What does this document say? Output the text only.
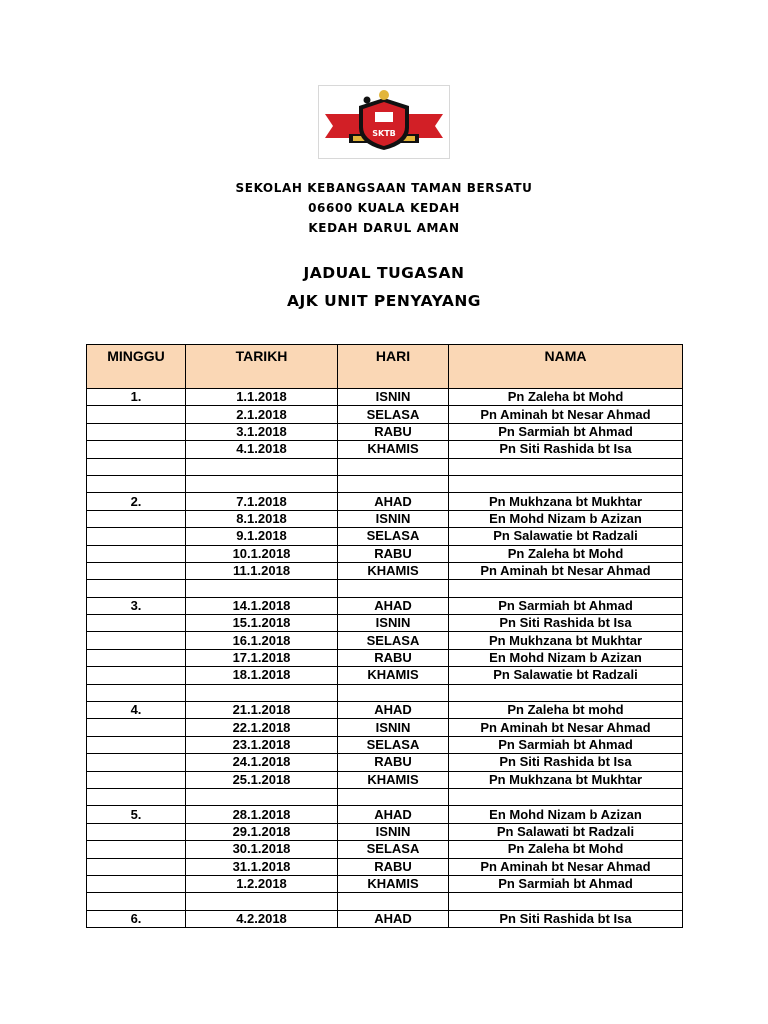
SKTB
SEKOLAH KEBANGSAAN TAMAN BERSATU
06600 KUALA KEDAH
KEDAH DARUL AMAN
JADUAL TUGASAN
AJK UNIT PENYAYANG
MINGGU	TARIKH	HARI	NAMA
1.	1.1.2018	ISNIN	Pn Zaleha bt Mohd
	2.1.2018	SELASA	Pn Aminah bt Nesar Ahmad
	3.1.2018	RABU	Pn Sarmiah bt Ahmad
	4.1.2018	KHAMIS	Pn Siti Rashida bt Isa

2.	7.1.2018	AHAD	Pn Mukhzana bt Mukhtar
	8.1.2018	ISNIN	En Mohd Nizam b Azizan
	9.1.2018	SELASA	Pn Salawatie bt Radzali
	10.1.2018	RABU	Pn Zaleha bt Mohd
	11.1.2018	KHAMIS	Pn Aminah bt Nesar Ahmad

3.	14.1.2018	AHAD	Pn Sarmiah bt Ahmad
	15.1.2018	ISNIN	Pn Siti Rashida bt Isa
	16.1.2018	SELASA	Pn Mukhzana bt Mukhtar
	17.1.2018	RABU	En Mohd Nizam b Azizan
	18.1.2018	KHAMIS	Pn Salawatie bt Radzali

4.	21.1.2018	AHAD	Pn Zaleha bt mohd
	22.1.2018	ISNIN	Pn Aminah bt Nesar Ahmad
	23.1.2018	SELASA	Pn Sarmiah bt Ahmad
	24.1.2018	RABU	Pn Siti Rashida bt Isa
	25.1.2018	KHAMIS	Pn Mukhzana bt Mukhtar

5.	28.1.2018	AHAD	En Mohd Nizam b Azizan
	29.1.2018	ISNIN	Pn Salawati bt Radzali
	30.1.2018	SELASA	Pn Zaleha bt Mohd
	31.1.2018	RABU	Pn Aminah bt Nesar Ahmad
	1.2.2018	KHAMIS	Pn Sarmiah bt Ahmad

6.	4.2.2018	AHAD	Pn Siti Rashida bt Isa
